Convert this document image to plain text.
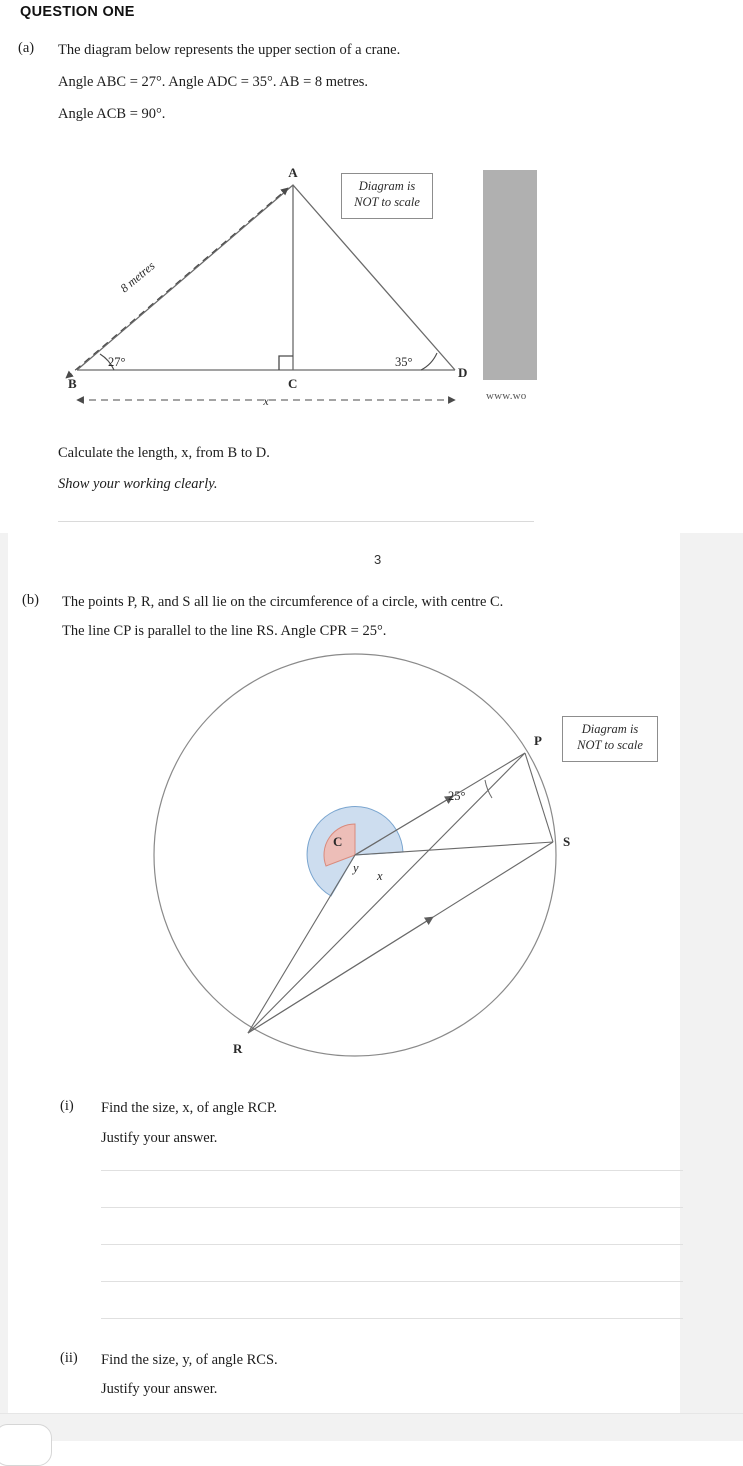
QUESTION ONE
(a) The diagram below represents the upper section of a crane.
Angle ABC = 27°. Angle ADC = 35°. AB = 8 metres.
Angle ACB = 90°.
A
B	C
D
27°	35°
8 metres
x	www.wo
Diagram is
NOT to scale
Calculate the length, x, from B to D.
Show your working clearly.
3
(b) The points P, R, and S all lie on the circumference of a circle, with centre C.
The line CP is parallel to the line RS. Angle CPR = 25°.
P
S
R
C
25°
x
y
Diagram is
NOT to scale
(i) Find the size, x, of angle RCP.
Justify your answer.
(ii) Find the size, y, of angle RCS.
Justify your answer.
